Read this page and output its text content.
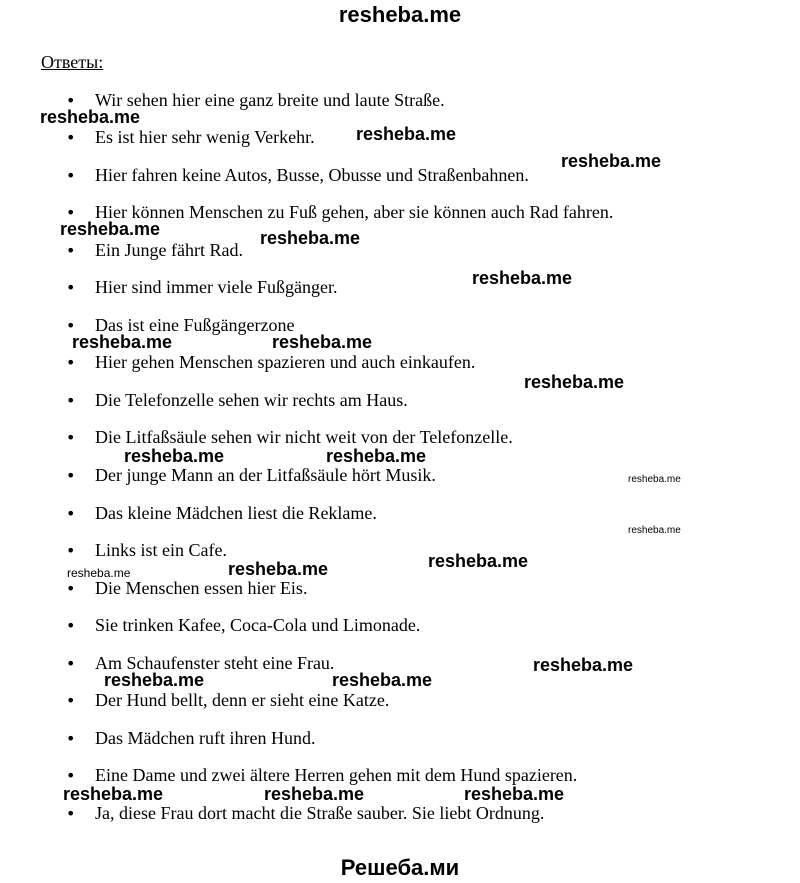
resheba.me
Ответы:
• Wir sehen hier eine ganz breite und laute Straße.
• Es ist hier sehr wenig Verkehr.
• Hier fahren keine Autos, Busse, Obusse und Straßenbahnen.
• Hier können Menschen zu Fuß gehen, aber sie können auch Rad fahren.
• Ein Junge fährt Rad.
• Hier sind immer viele Fußgänger.
• Das ist eine Fußgängerzone
• Hier gehen Menschen spazieren und auch einkaufen.
• Die Telefonzelle sehen wir rechts am Haus.
• Die Litfaßsäule sehen wir nicht weit von der Telefonzelle.
• Der junge Mann an der Litfaßsäule hört Musik.
• Das kleine Mädchen liest die Reklame.
• Links ist ein Cafe.
• Die Menschen essen hier Eis.
• Sie trinken Kafee, Coca-Cola und Limonade.
• Am Schaufenster steht eine Frau.
• Der Hund bellt, denn er sieht eine Katze.
• Das Mädchen ruft ihren Hund.
• Eine Dame und zwei ältere Herren gehen mit dem Hund spazieren.
• Ja, diese Frau dort macht die Straße sauber. Sie liebt Ordnung.
resheba.me
resheba.me
resheba.me
resheba.me	resheba.me
resheba.me
resheba.me	resheba.me
resheba.me
resheba.me	resheba.me
resheba.me
resheba.me
resheba.me	resheba.me	resheba.me
resheba.me
resheba.me	resheba.me
resheba.me	resheba.me	resheba.me
Решеба.ми
